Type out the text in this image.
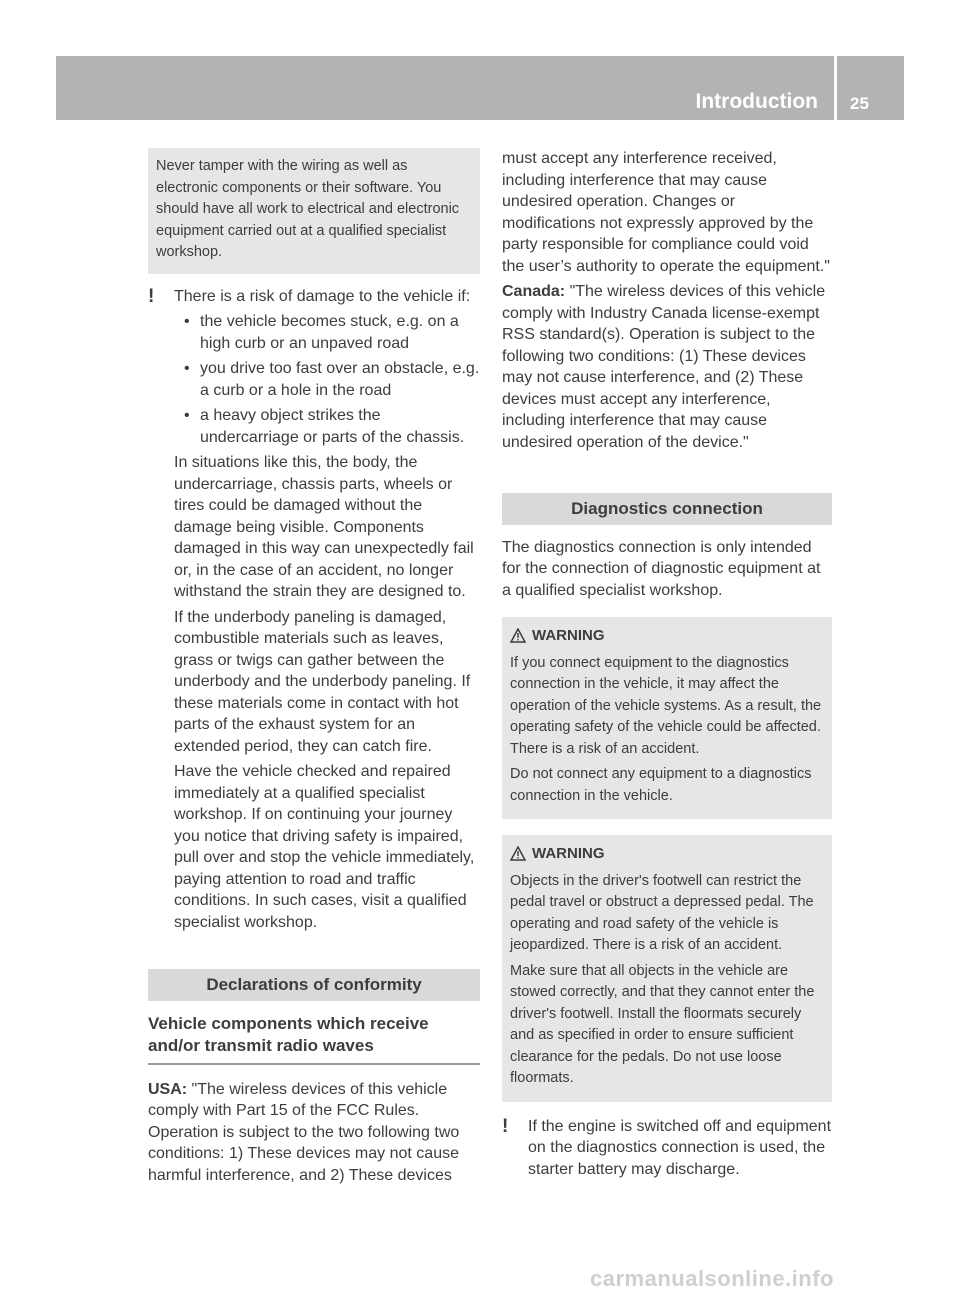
Introduction 25

Never tamper with the wiring as well as electronic components or their software. You should have all work to electrical and electronic equipment carried out at a qualified specialist workshop.

! There is a risk of damage to the vehicle if:

• the vehicle becomes stuck, e.g. on a high curb or an unpaved road
• you drive too fast over an obstacle, e.g. a curb or a hole in the road
• a heavy object strikes the undercarriage or parts of the chassis.

In situations like this, the body, the undercarriage, chassis parts, wheels or tires could be damaged without the damage being visible. Components damaged in this way can unexpectedly fail or, in the case of an accident, no longer withstand the strain they are designed to.

If the underbody paneling is damaged, combustible materials such as leaves, grass or twigs can gather between the underbody and the underbody paneling. If these materials come in contact with hot parts of the exhaust system for an extended period, they can catch fire.

Have the vehicle checked and repaired immediately at a qualified specialist workshop. If on continuing your journey you notice that driving safety is impaired, pull over and stop the vehicle immediately, paying attention to road and traffic conditions. In such cases, visit a qualified specialist workshop.

Declarations of conformity
Vehicle components which receive and/or transmit radio waves

USA: "The wireless devices of this vehicle comply with Part 15 of the FCC Rules. Operation is subject to the two following two conditions: 1) These devices may not cause harmful interference, and 2) These devices

must accept any interference received, including interference that may cause undesired operation. Changes or modifications not expressly approved by the party responsible for compliance could void the user’s authority to operate the equipment."

Canada: "The wireless devices of this vehicle comply with Industry Canada license-exempt RSS standard(s). Operation is subject to the following two conditions: (1) These devices may not cause interference, and (2) These devices must accept any interference, including interference that may cause undesired operation of the device."

Diagnostics connection

The diagnostics connection is only intended for the connection of diagnostic equipment at a qualified specialist workshop.

WARNING

If you connect equipment to the diagnostics connection in the vehicle, it may affect the operation of the vehicle systems. As a result, the operating safety of the vehicle could be affected. There is a risk of an accident.

Do not connect any equipment to a diagnostics connection in the vehicle.

WARNING

Objects in the driver's footwell can restrict the pedal travel or obstruct a depressed pedal. The operating and road safety of the vehicle is jeopardized. There is a risk of an accident.

Make sure that all objects in the vehicle are stowed correctly, and that they cannot enter the driver's footwell. Install the floormats securely and as specified in order to ensure sufficient clearance for the pedals. Do not use loose floormats.

! If the engine is switched off and equipment on the diagnostics connection is used, the starter battery may discharge.

carmanualsonline.info
